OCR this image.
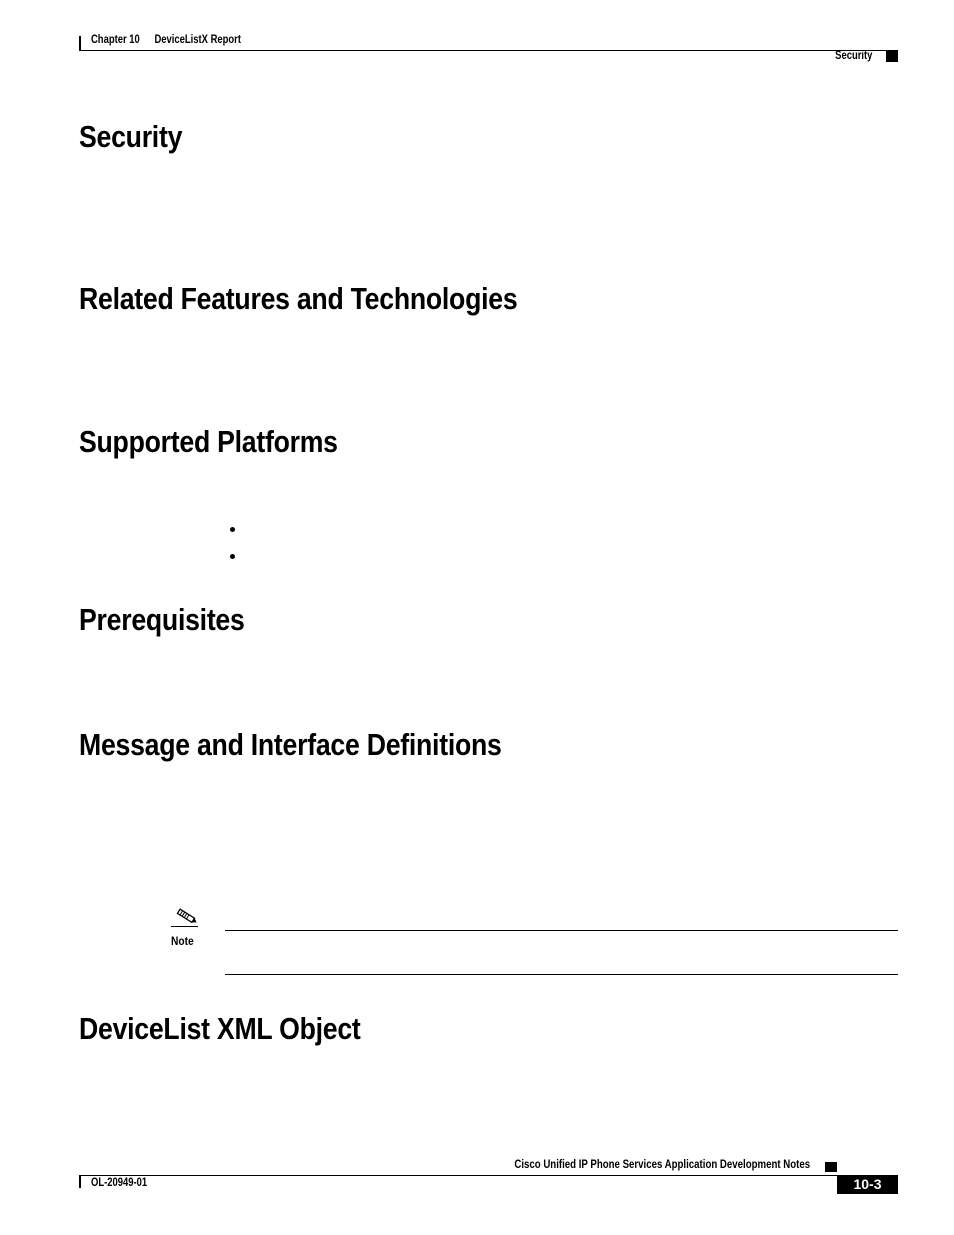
Chapter 10 DeviceListX Report
Security
Security
Related Features and Technologies
Supported Platforms
Prerequisites
Message and Interface Definitions
Note
DeviceList XML Object
Cisco Unified IP Phone Services Application Development Notes
OL-20949-01	10-3
